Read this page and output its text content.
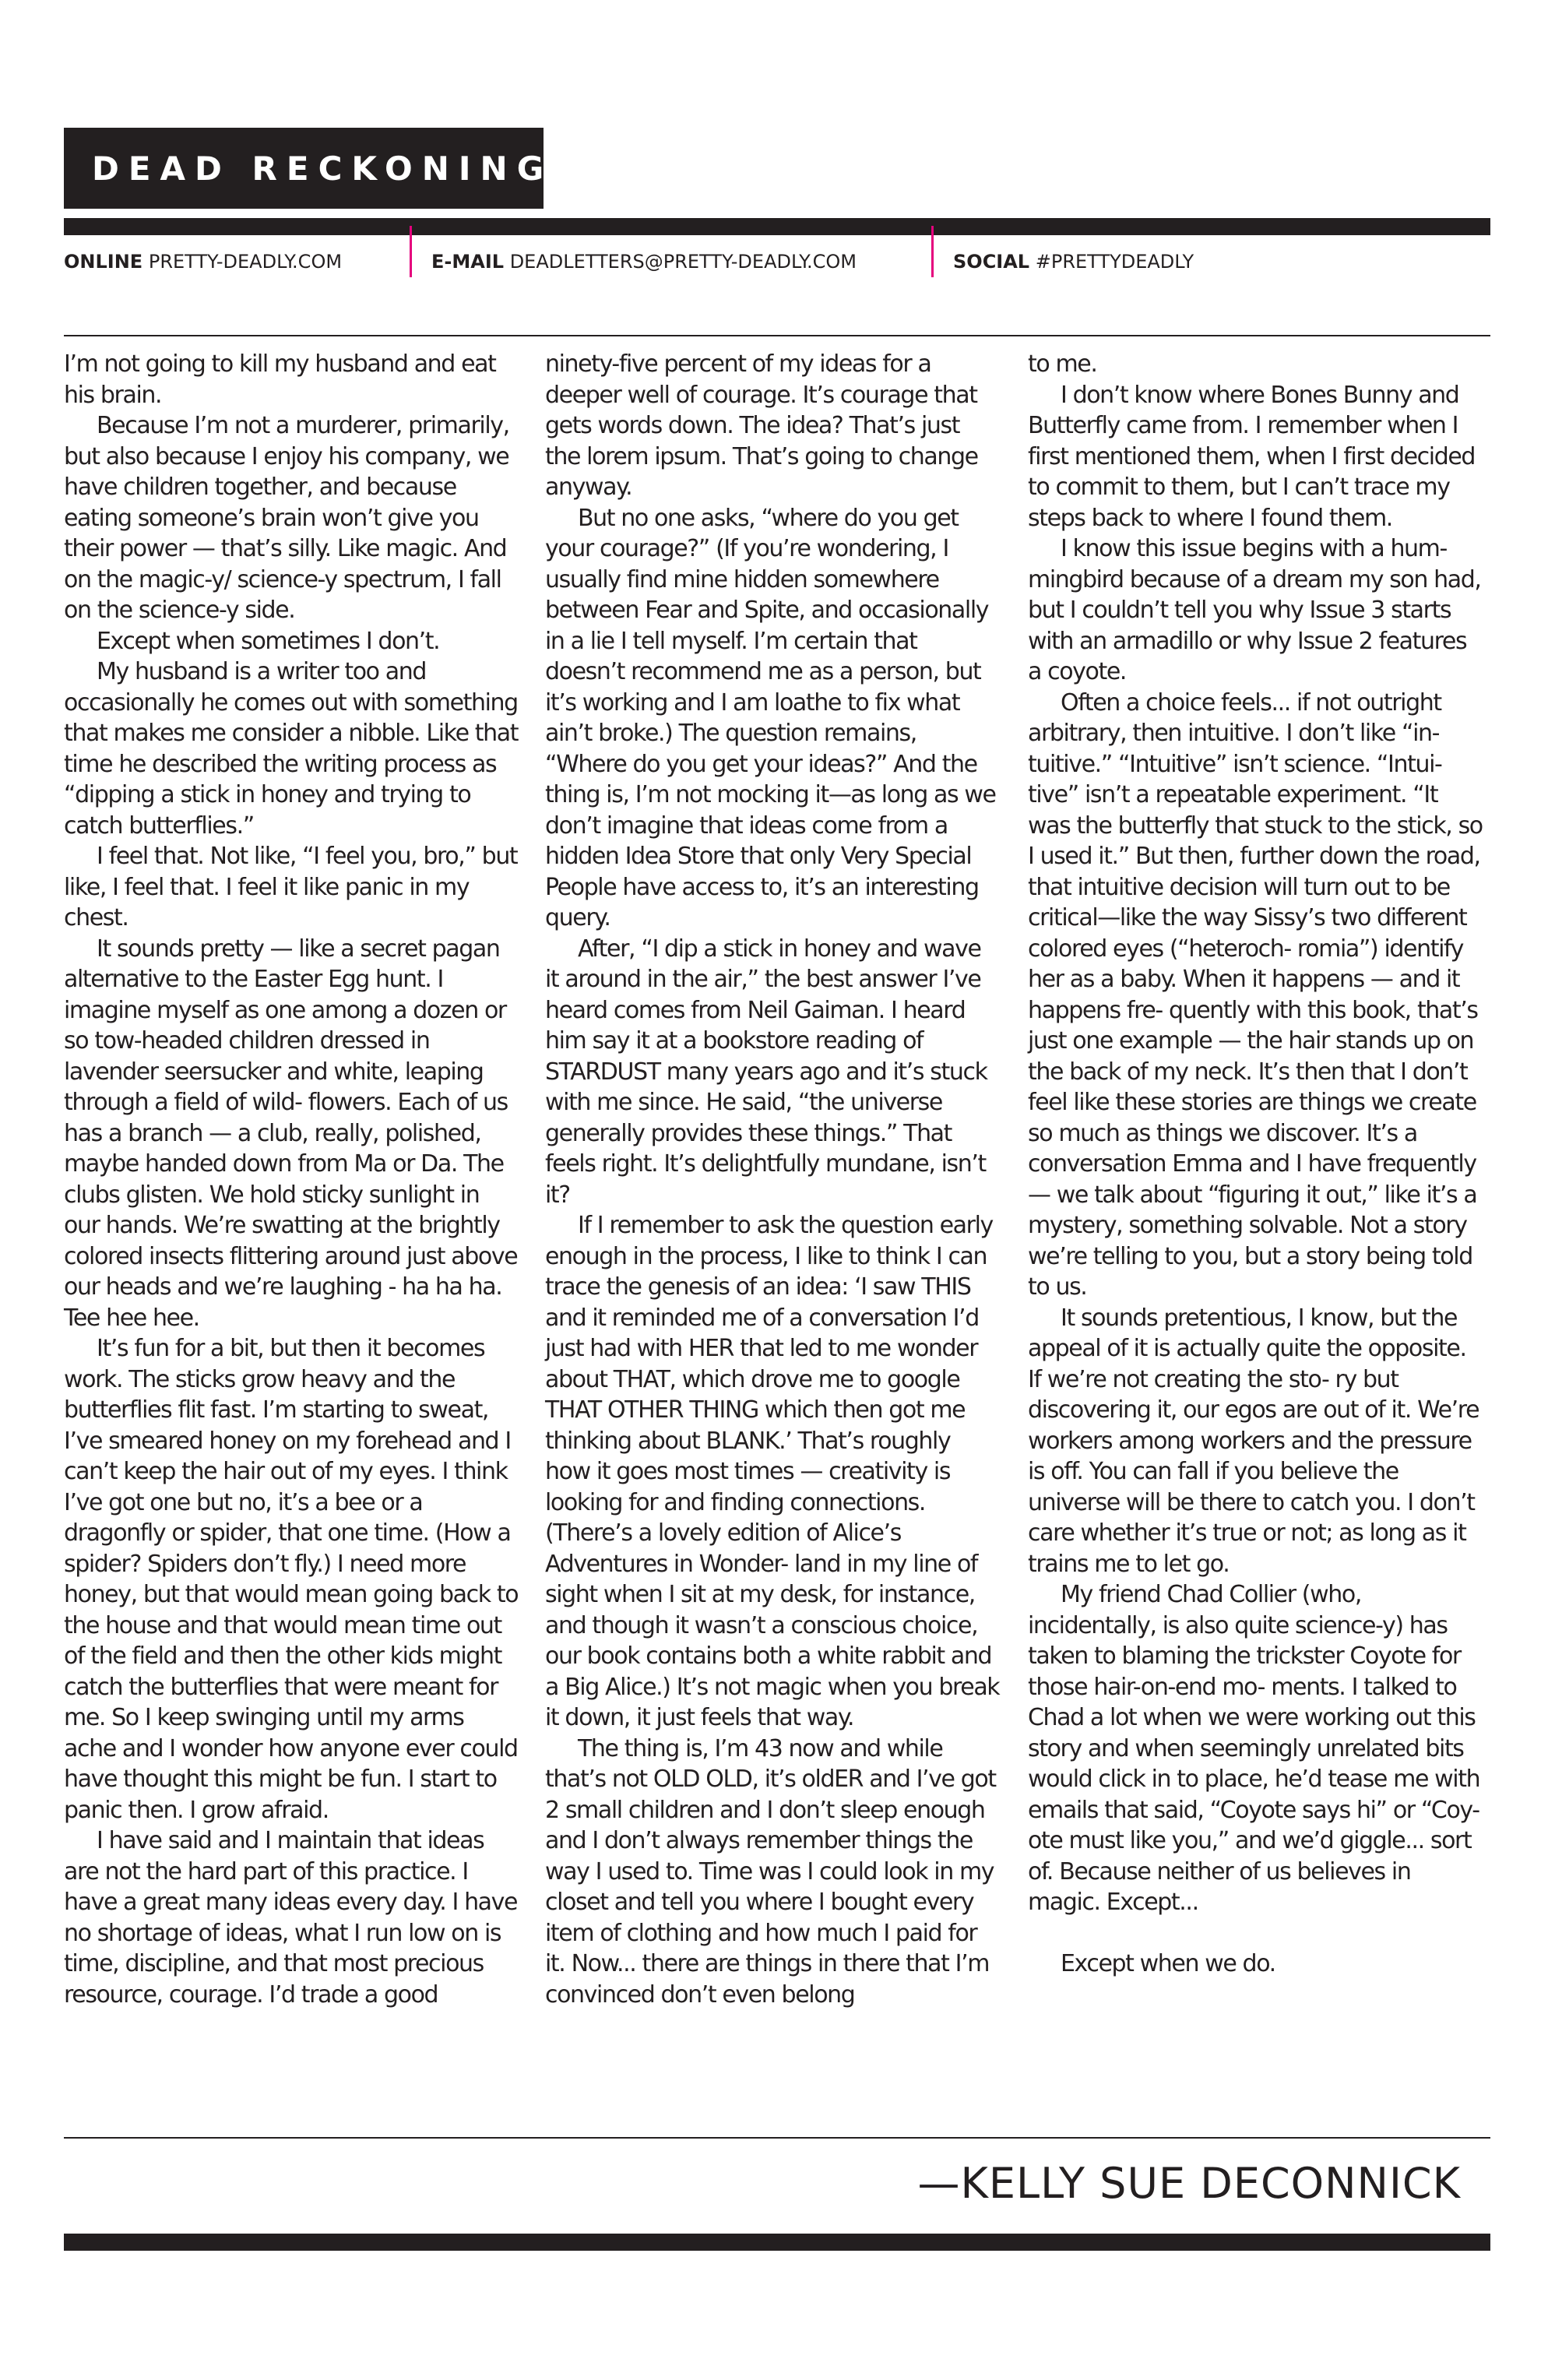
DEAD RECKONING
ONLINE PRETTY-DEADLY.COM	E-MAIL DEADLETTERS@PRETTY-DEADLY.COM	SOCIAL #PRETTYDEADLY

I’m not going to kill my husband and eat his brain.

Because I’m not a murderer, primarily, but also because I enjoy his company, we have children together, and because eating someone’s brain won’t give you their power — that’s silly. Like magic. And on the magic-y/ science-y spectrum, I fall on the science-y side.

Except when sometimes I don’t.

My husband is a writer too and occasionally he comes out with something that makes me consider a nibble. Like that time he described the writing process as “dipping a stick in honey and trying to catch butterflies.”

I feel that. Not like, “I feel you, bro,” but like, I feel that. I feel it like panic in my chest.

It sounds pretty — like a secret pagan alternative to the Easter Egg hunt. I imagine myself as one among a dozen or so tow-headed children dressed in lavender seersucker and white, leaping through a field of wild- flowers. Each of us has a branch — a club, really, polished, maybe handed down from Ma or Da. The clubs glisten. We hold sticky sunlight in our hands. We’re swatting at the brightly colored insects flittering around just above our heads and we’re laughing - ha ha ha. Tee hee hee.

It’s fun for a bit, but then it becomes work. The sticks grow heavy and the butterflies flit fast. I’m starting to sweat, I’ve smeared honey on my forehead and I can’t keep the hair out of my eyes. I think I’ve got one but no, it’s a bee or a dragonfly or spider, that one time. (How a spider? Spiders don’t fly.) I need more honey, but that would mean going back to the house and that would mean time out of the field and then the other kids might catch the butterflies that were meant for me. So I keep swinging until my arms ache and I wonder how anyone ever could have thought this might be fun. I start to panic then. I grow afraid.

I have said and I maintain that ideas are not the hard part of this practice. I have a great many ideas every day. I have no shortage of ideas, what I run low on is time, discipline, and that most precious resource, courage. I’d trade a good

ninety-five percent of my ideas for a deeper well of courage. It’s courage that gets words down. The idea? That’s just the lorem ipsum. That’s going to change anyway.

But no one asks, “where do you get your courage?” (If you’re wondering, I usually find mine hidden somewhere between Fear and Spite, and occasionally in a lie I tell myself. I’m certain that doesn’t recommend me as a person, but it’s working and I am loathe to fix what ain’t broke.) The question remains, “Where do you get your ideas?” And the thing is, I’m not mocking it—as long as we don’t imagine that ideas come from a hidden Idea Store that only Very Special People have access to, it’s an interesting query.

After, “I dip a stick in honey and wave it around in the air,” the best answer I’ve heard comes from Neil Gaiman. I heard him say it at a bookstore reading of STARDUST many years ago and it’s stuck with me since. He said, “the universe generally provides these things.” That feels right. It’s delightfully mundane, isn’t it?

If I remember to ask the question early enough in the process, I like to think I can trace the genesis of an idea: ‘I saw THIS and it reminded me of a conversation I’d just had with HER that led to me wonder about THAT, which drove me to google THAT OTHER THING which then got me thinking about BLANK.’ That’s roughly how it goes most times — creativity is looking for and finding connections. (There’s a lovely edition of Alice’s Adventures in Wonder- land in my line of sight when I sit at my desk, for instance, and though it wasn’t a conscious choice, our book contains both a white rabbit and a Big Alice.) It’s not magic when you break it down, it just feels that way.

The thing is, I’m 43 now and while that’s not OLD OLD, it’s oldER and I’ve got 2 small children and I don’t sleep enough and I don’t always remember things the way I used to. Time was I could look in my closet and tell you where I bought every item of clothing and how much I paid for it. Now... there are things in there that I’m convinced don’t even belong

to me.

I don’t know where Bones Bunny and Butterfly came from. I remember when I first mentioned them, when I first decided to commit to them, but I can’t trace my steps back to where I found them.

I know this issue begins with a hum- mingbird because of a dream my son had, but I couldn’t tell you why Issue 3 starts with an armadillo or why Issue 2 features a coyote.

Often a choice feels... if not outright arbitrary, then intuitive. I don’t like “in- tuitive.” “Intuitive” isn’t science. “Intui- tive” isn’t a repeatable experiment. “It was the butterfly that stuck to the stick, so I used it.” But then, further down the road, that intuitive decision will turn out to be critical—like the way Sissy’s two different colored eyes (“heteroch- romia”) identify her as a baby. When it happens — and it happens fre- quently with this book, that’s just one example — the hair stands up on the back of my neck. It’s then that I don’t feel like these stories are things we create so much as things we discover. It’s a conversation Emma and I have frequently — we talk about “figuring it out,” like it’s a mystery, something solvable. Not a story we’re telling to you, but a story being told to us.

It sounds pretentious, I know, but the appeal of it is actually quite the opposite. If we’re not creating the sto- ry but discovering it, our egos are out of it. We’re workers among workers and the pressure is off. You can fall if you believe the universe will be there to catch you. I don’t care whether it’s true or not; as long as it trains me to let go.

My friend Chad Collier (who, incidentally, is also quite science-y) has taken to blaming the trickster Coyote for those hair-on-end mo- ments. I talked to Chad a lot when we were working out this story and when seemingly unrelated bits would click in to place, he’d tease me with emails that said, “Coyote says hi” or “Coy- ote must like you,” and we’d giggle... sort of. Because neither of us believes in magic. Except...

Except when we do.

—KELLY SUE DECONNICK
